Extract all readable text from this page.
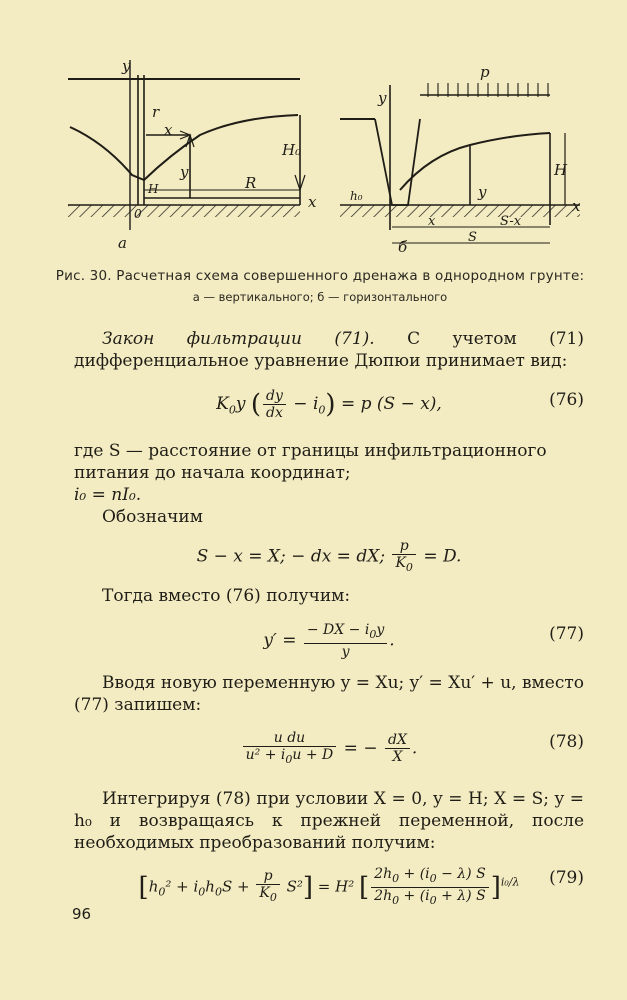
y
r
x
y
H
H₀
R
x
0
а
y
p
h₀	y
H
x
x	S-x
S
б
Рис. 30. Расчетная схема совершенного дренажа в однородном грунте:
а — вертикального; б — горизонтального
Закон фильтрации (71). С учетом (71) дифференциальное уравнение Дюпюи принимает вид:
$K_0y$ ( $\frac{dy}{dx} - i_0) = p$ (S − x),	(76)
где S — расстояние от границы инфильтрационного питания до начала координат;
i₀ = nI₀.
Обозначим
S − x = X; − dx = dX; $\frac{p}{K_0} = D$.
Тогда вместо (76) получим:
$y' = \frac{- DX - i_0y}{y}$ .	(77)
Вводя новую переменную y = Xu; y′ = Xu′ + u, вместо (77) запишем:
$\frac{\text{u du}}{u^2 + i_0u + D}$ = − $\frac{dX}{X}$ .	(78)
Интегрируя (78) при условии X = 0, y = H; X = S; y = h₀ и возвращаясь к прежней переменной, после необходимых преобразований получим:
$[h_0^2 + i_0h_0S + \frac{p}{K_0} S^2] = H^2$ [ $\frac{2h_0 + (i_0 - \lambda) S}{2h_0 + (i_0 + \lambda) S} ]^{i_0/\lambda}$	(79)
96
